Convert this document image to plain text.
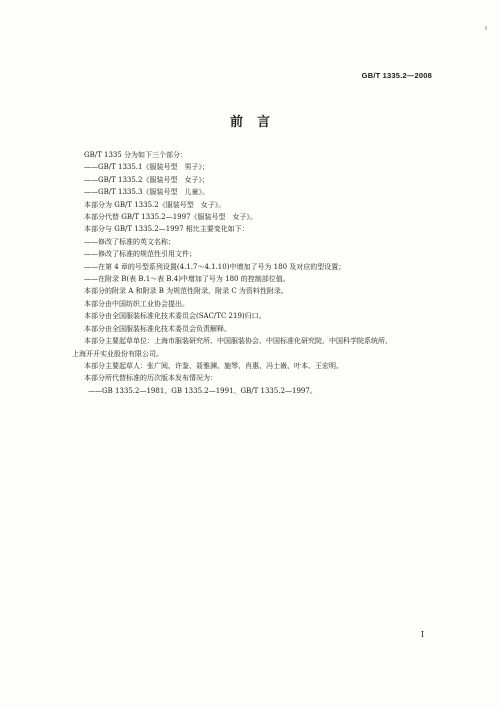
GB/T 1335.2—2008
前言
GB/T 1335 分为如下三个部分：
——GB/T 1335.1《服装号型　男子》；
——GB/T 1335.2《服装号型　女子》；
——GB/T 1335.3《服装号型　儿童》。
本部分为 GB/T 1335.2《服装号型　女子》。
本部分代替 GB/T 1335.2—1997《服装号型　女子》。
本部分与 GB/T 1335.2—1997 相比主要变化如下：
——修改了标准的英文名称；
——修改了标准的规范性引用文件；
——在第 4 章的号型系列设置(4.1.7～4.1.10)中增加了号为 180 及对应的型设置；
——在附录 B(表 B.1～表 B.4)中增加了号为 180 的控制部位值。
本部分的附录 A 和附录 B 为规范性附录，附录 C 为资料性附录。
本部分由中国纺织工业协会提出。
本部分由全国服装标准化技术委员会(SAC/TC 219)归口。
本部分由全国服装标准化技术委员会负责解释。
本部分主要起草单位：上海市服装研究所、中国服装协会、中国标准化研究院、中国科学院系统所、
上海开开实业股份有限公司。
本部分主要起草人：张广阅、许鉴、聂雅渊、施琴、肖惠、冯士嶶、叶本、王宏明。
本部分所代替标准的历次版本发布情况为：
——GB 1335.2—1981、GB 1335.2—1991、GB/T 1335.2—1997。
I
